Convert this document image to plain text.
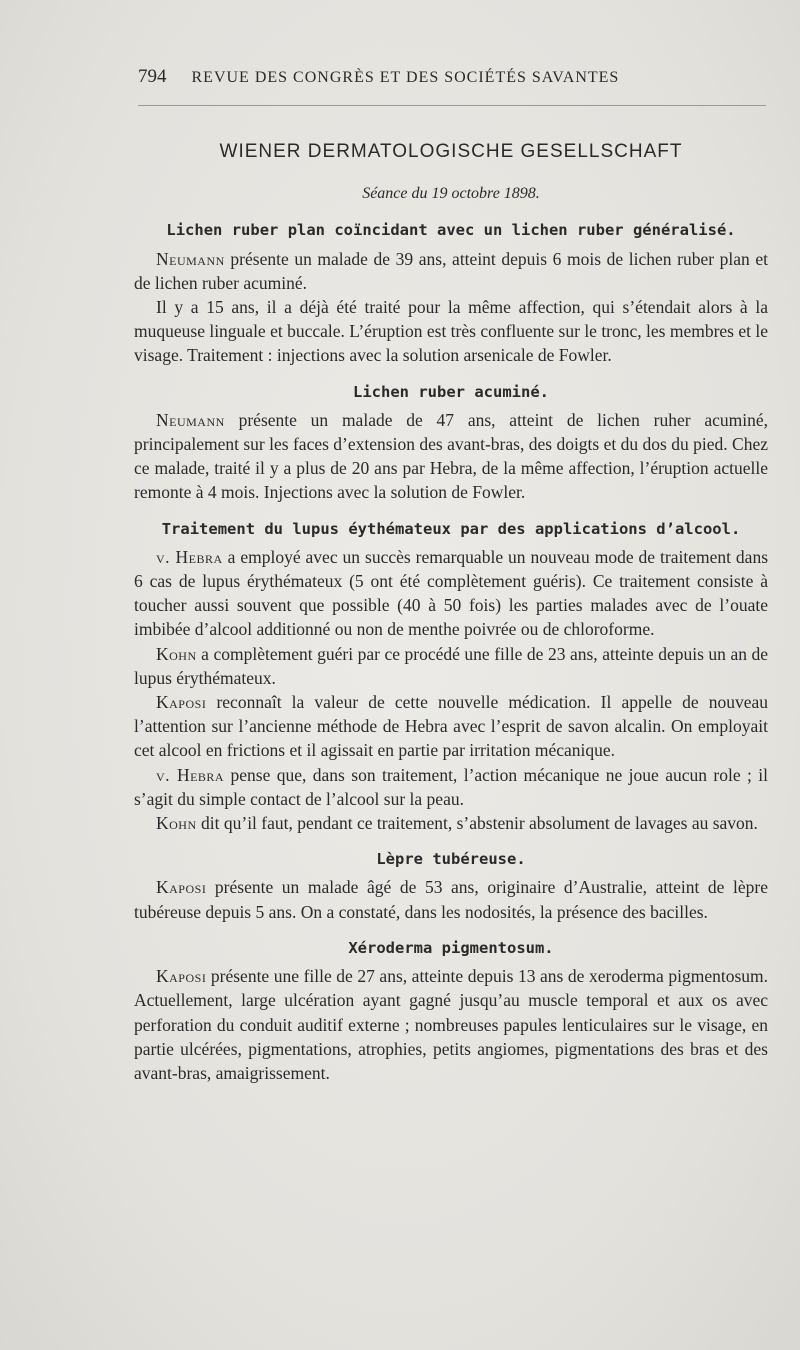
794 REVUE DES CONGRÈS ET DES SOCIÉTÉS SAVANTES
WIENER DERMATOLOGISCHE GESELLSCHAFT
Séance du 19 octobre 1898.
Lichen ruber plan coïncidant avec un lichen ruber généralisé.

Neumann présente un malade de 39 ans, atteint depuis 6 mois de lichen ruber plan et de lichen ruber acuminé.

Il y a 15 ans, il a déjà été traité pour la même affection, qui s’étendait alors à la muqueuse linguale et buccale. L’éruption est très confluente sur le tronc, les membres et le visage. Traitement : injections avec la solution arsenicale de Fowler.

Lichen ruber acuminé.

Neumann présente un malade de 47 ans, atteint de lichen ruher acuminé, principalement sur les faces d’extension des avant-bras, des doigts et du dos du pied. Chez ce malade, traité il y a plus de 20 ans par Hebra, de la même affection, l’éruption actuelle remonte à 4 mois. Injections avec la solution de Fowler.

Traitement du lupus éythémateux par des applications d’alcool.

v. Hebra a employé avec un succès remarquable un nouveau mode de traitement dans 6 cas de lupus érythémateux (5 ont été complètement guéris). Ce traitement consiste à toucher aussi souvent que possible (40 à 50 fois) les parties malades avec de l’ouate imbibée d’alcool additionné ou non de menthe poivrée ou de chloroforme.

Kohn a complètement guéri par ce procédé une fille de 23 ans, atteinte depuis un an de lupus érythémateux.

Kaposi reconnaît la valeur de cette nouvelle médication. Il appelle de nouveau l’attention sur l’ancienne méthode de Hebra avec l’esprit de savon alcalin. On employait cet alcool en frictions et il agissait en partie par irritation mécanique.

v. Hebra pense que, dans son traitement, l’action mécanique ne joue aucun role ; il s’agit du simple contact de l’alcool sur la peau.

Kohn dit qu’il faut, pendant ce traitement, s’abstenir absolument de lavages au savon.

Lèpre tubéreuse.

Kaposi présente un malade âgé de 53 ans, originaire d’Australie, atteint de lèpre tubéreuse depuis 5 ans. On a constaté, dans les nodosités, la présence des bacilles.

Xéroderma pigmentosum.

Kaposi présente une fille de 27 ans, atteinte depuis 13 ans de xeroderma pigmentosum. Actuellement, large ulcération ayant gagné jusqu’au muscle temporal et aux os avec perforation du conduit auditif externe ; nombreuses papules lenticulaires sur le visage, en partie ulcérées, pigmentations, atrophies, petits angiomes, pigmentations des bras et des avant-bras, amaigrissement.
